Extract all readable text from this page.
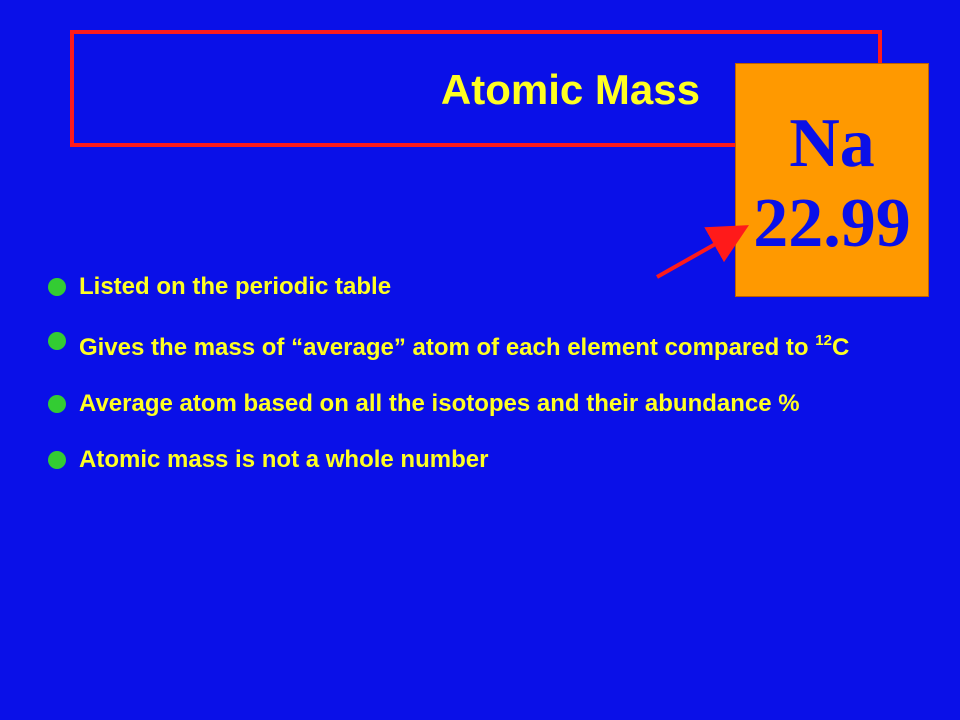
Atomic Mass
Na
22.99
Listed on the periodic table
Gives the mass of “average” atom of each element compared to $^{12}$C
Average atom based on all the isotopes and their abundance %
Atomic mass is not a whole number
